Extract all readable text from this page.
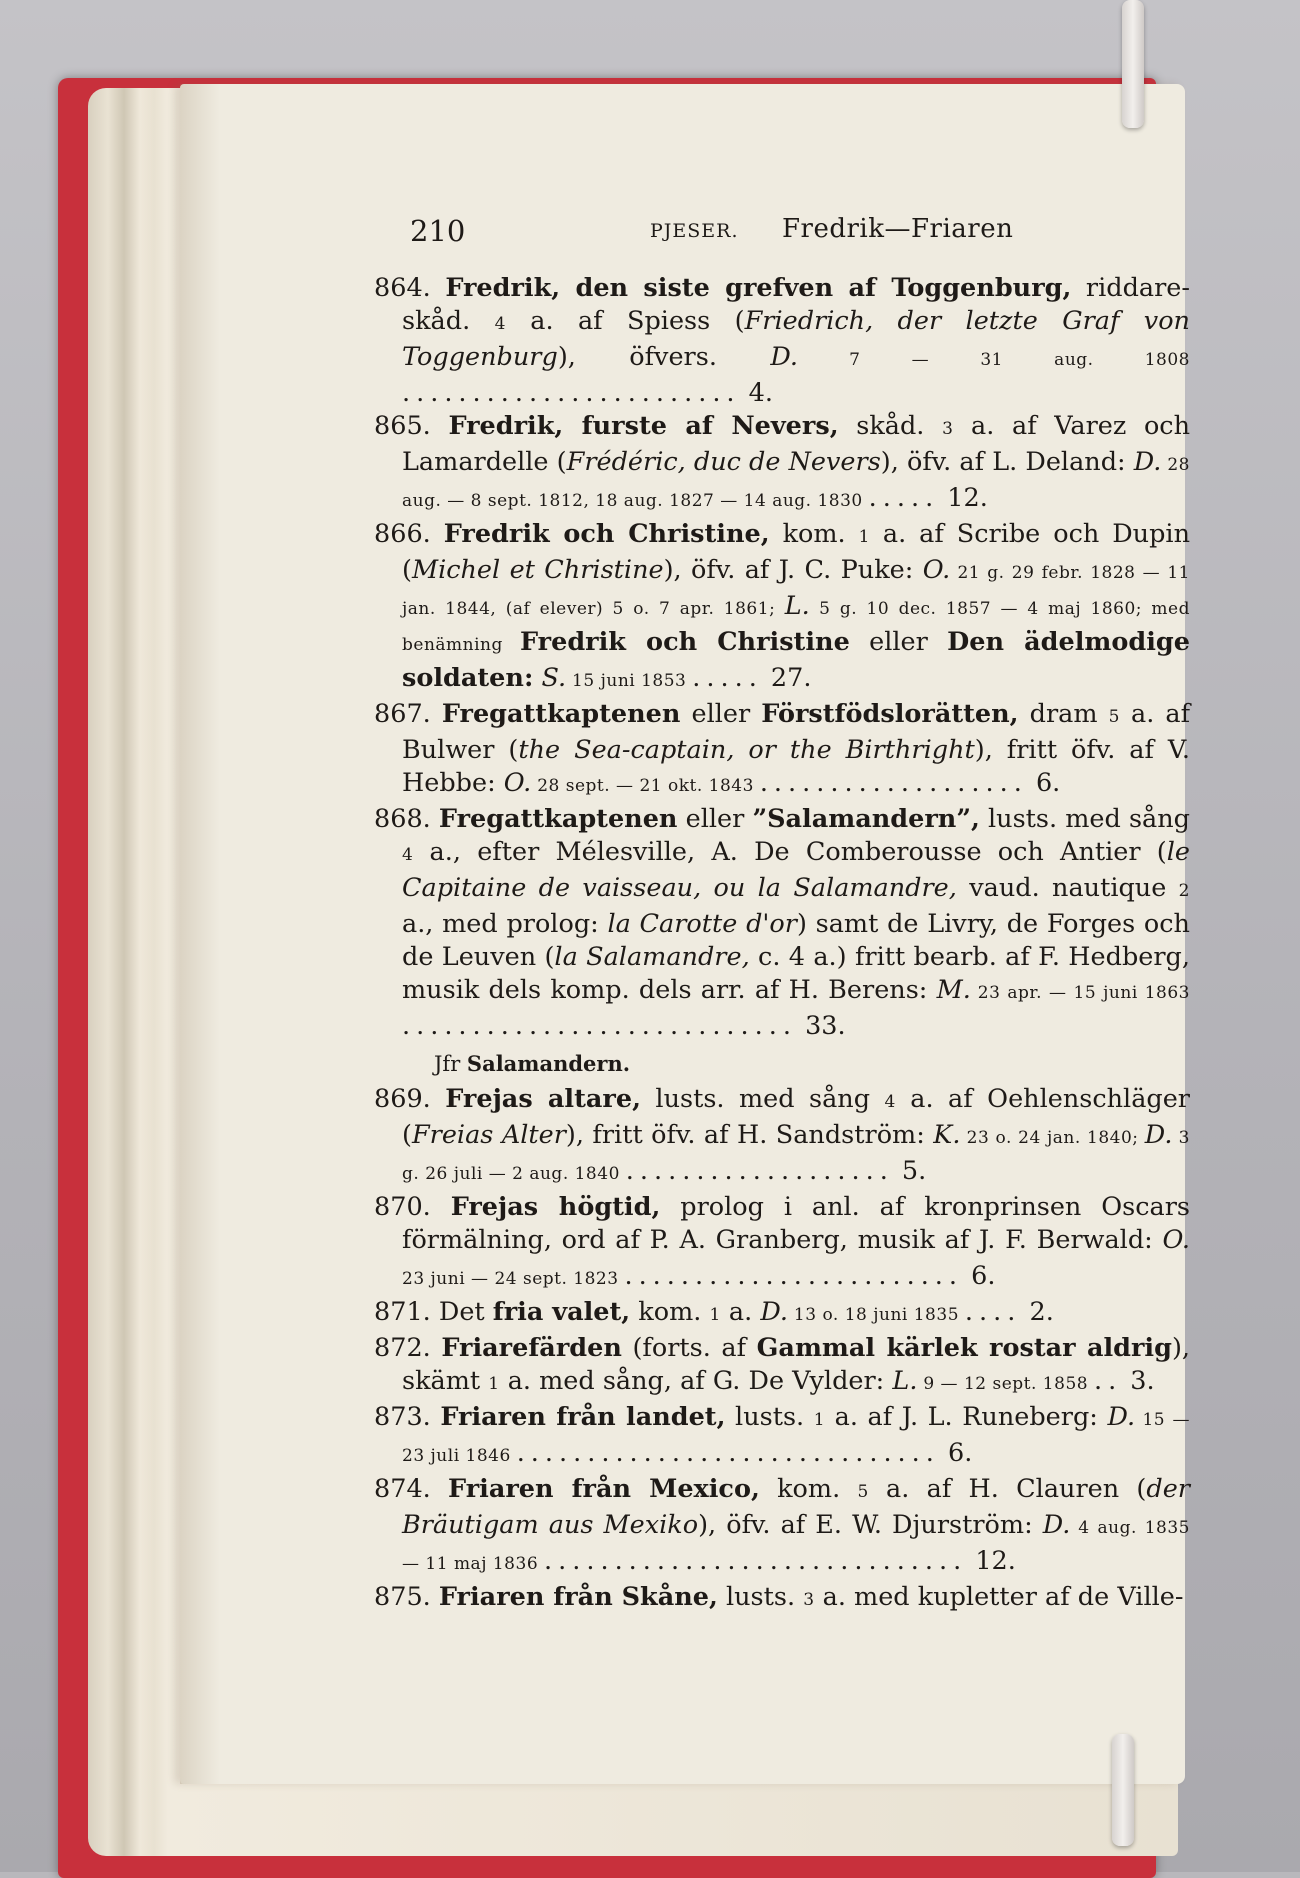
210	PJESER. Fredrik—Friaren
864. Fredrik, den siste grefven af Toggenburg, riddare-skåd. 4 a. af Spiess (Friedrich, der letzte Graf von Toggenburg), öfvers. D. 7 — 31 aug. 1808 ........................ 4.
865. Fredrik, furste af Nevers, skåd. 3 a. af Varez och Lamardelle (Frédéric, duc de Nevers), öfv. af L. Deland: D. 28 aug. — 8 sept. 1812, 18 aug. 1827 — 14 aug. 1830 ..... 12.
866. Fredrik och Christine, kom. 1 a. af Scribe och Dupin (Michel et Christine), öfv. af J. C. Puke: O. 21 g. 29 febr. 1828 — 11 jan. 1844, (af elever) 5 o. 7 apr. 1861; L. 5 g. 10 dec. 1857 — 4 maj 1860; med benämning Fredrik och Christine eller Den ädelmodige soldaten: S. 15 juni 1853 ..... 27.
867. Fregattkaptenen eller Förstfödslorätten, dram 5 a. af Bulwer (the Sea-captain, or the Birthright), fritt öfv. af V. Hebbe: O. 28 sept. — 21 okt. 1843 ................... 6.
868. Fregattkaptenen eller ”Salamandern”, lusts. med sång 4 a., efter Mélesville, A. De Comberousse och Antier (le Capitaine de vaisseau, ou la Salamandre, vaud. nautique 2 a., med prolog: la Carotte d'or) samt de Livry, de Forges och de Leuven (la Salamandre, c. 4 a.) fritt bearb. af F. Hedberg, musik dels komp. dels arr. af H. Berens: M. 23 apr. — 15 juni 1863 ............................ 33.
Jfr Salamandern.
869. Frejas altare, lusts. med sång 4 a. af Oehlenschläger (Freias Alter), fritt öfv. af H. Sandström: K. 23 o. 24 jan. 1840; D. 3 g. 26 juli — 2 aug. 1840 ................... 5.
870. Frejas högtid, prolog i anl. af kronprinsen Oscars förmälning, ord af P. A. Granberg, musik af J. F. Berwald: O. 23 juni — 24 sept. 1823 ........................ 6.
871. Det fria valet, kom. 1 a. D. 13 o. 18 juni 1835 .... 2.
872. Friarefärden (forts. af Gammal kärlek rostar aldrig), skämt 1 a. med sång, af G. De Vylder: L. 9 — 12 sept. 1858 .. 3.
873. Friaren från landet, lusts. 1 a. af J. L. Runeberg: D. 15 — 23 juli 1846 .............................. 6.
874. Friaren från Mexico, kom. 5 a. af H. Clauren (der Bräutigam aus Mexiko), öfv. af E. W. Djurström: D. 4 aug. 1835 — 11 maj 1836 .............................. 12.
875. Friaren från Skåne, lusts. 3 a. med kupletter af de Ville-
